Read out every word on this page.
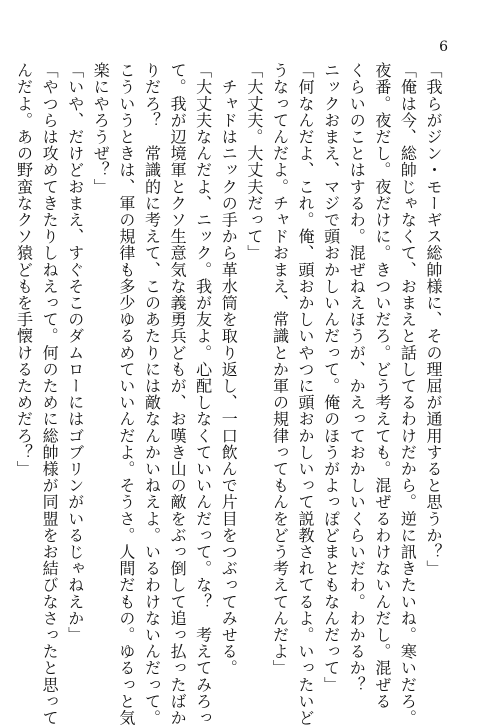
6
「我らがジン・モーギス総帥様に、その理屈が通用すると思うか？」
「俺は今、総帥じゃなくて、おまえと話してるわけだから。逆に訊きたいね。寒いだろ。
夜番。夜だし。夜だけに。きついだろ。どう考えても。混ぜるわけないんだし。混ぜる
くらいのことはするわ。混ぜねえほうが、かえっておかしいくらいだわ。わかるか？
ニックおまえ、マジで頭おかしいんだって。俺のほうがよっぽどまともなんだって」
「何なんだよ、これ。俺、頭おかしいやつに頭おかしいって説教されてるよ。いったいど
うなってんだよ。チャドおまえ、常識とか軍の規律ってもんをどう考えてんだよ」
「大丈夫。大丈夫だって」
　チャドはニックの手から革水筒を取り返し、一口飲んで片目をつぶってみせる。
「大丈夫なんだよ、ニック。我が友よ。心配しなくていいんだって。な？　考えてみろっ
て。我が辺境軍とクソ生意気な義勇兵どもが、お嘆き山の敵をぶっ倒して追っ払ったばか
りだろ？　常識的に考えて、このあたりには敵なんかいねえよ。いるわけないんだって。
こういうときは、軍の規律も多少ゆるめていいんだよ。そうさ。人間だもの。ゆるっと気
楽にやろうぜ？」
「いや、だけどおまえ、すぐそこのダムローにはゴブリンがいるじゃねえか」
「やつらは攻めてきたりしねえって。何のために総帥様が同盟をお結びなさったと思って
んだよ。あの野蛮なクソ猿どもを手懐けるためだろ？」
